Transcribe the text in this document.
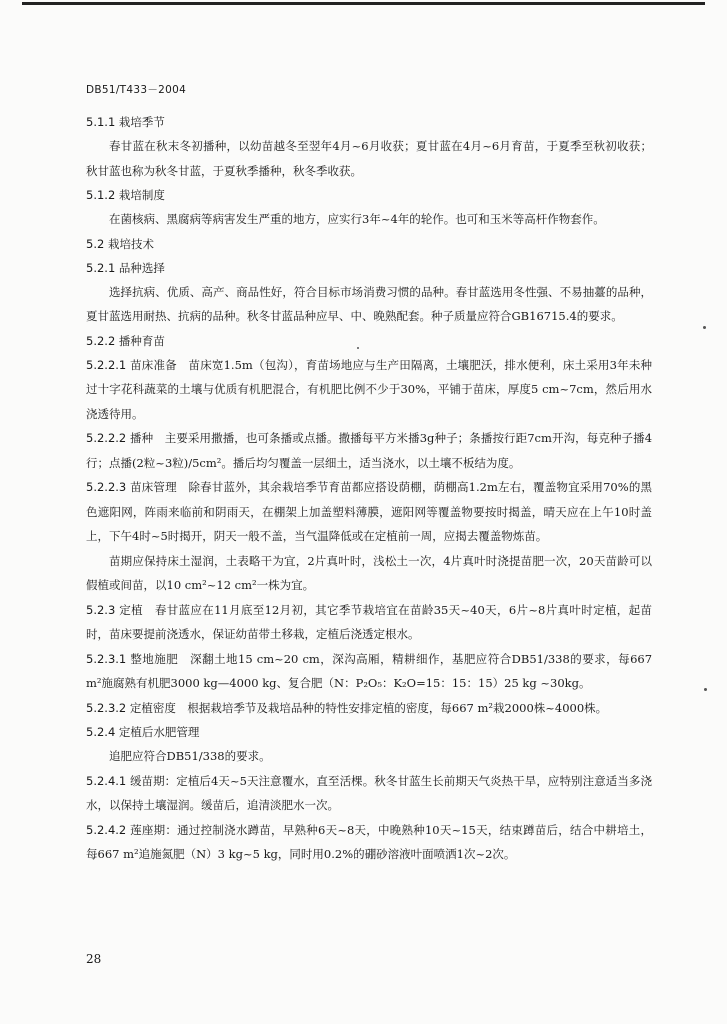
DB51/T433－2004
5.1.1 栽培季节

春甘蓝在秋末冬初播种，以幼苗越冬至翌年4月~6月收获；夏甘蓝在4月~6月育苗，于夏季至秋初收获；秋甘蓝也称为秋冬甘蓝，于夏秋季播种，秋冬季收获。

5.1.2 栽培制度

在菌核病、黑腐病等病害发生严重的地方，应实行3年~4年的轮作。也可和玉米等高杆作物套作。

5.2 栽培技术
5.2.1 品种选择

选择抗病、优质、高产、商品性好，符合目标市场消费习惯的品种。春甘蓝选用冬性强、不易抽薹的品种，夏甘蓝选用耐热、抗病的品种。秋冬甘蓝品种应早、中、晚熟配套。种子质量应符合GB16715.4的要求。

5.2.2 播种育苗

5.2.2.1 苗床准备　 苗床宽1.5m（包沟），育苗场地应与生产田隔离，土壤肥沃，排水便利，床土采用3年未种过十字花科蔬菜的土壤与优质有机肥混合，有机肥比例不少于30%，平铺于苗床，厚度5 cm~7cm，然后用水浇透待用。

5.2.2.2 播种　 主要采用撒播，也可条播或点播。撒播每平方米播3g种子；条播按行距7cm开沟，每克种子播4行；点播(2粒~3粒)/5cm²。播后均匀覆盖一层细土，适当浇水，以土壤不板结为度。

5.2.2.3 苗床管理　 除春甘蓝外，其余栽培季节育苗都应搭设荫棚，荫棚高1.2m左右，覆盖物宜采用70%的黑色遮阳网，阵雨来临前和阴雨天，在棚架上加盖塑料薄膜，遮阳网等覆盖物要按时揭盖，晴天应在上午10时盖上，下午4时~5时揭开，阴天一般不盖，当气温降低或在定植前一周，应揭去覆盖物炼苗。

苗期应保持床土湿润，土表略干为宜，2片真叶时，浅松土一次，4片真叶时浇提苗肥一次，20天苗龄可以假植或间苗，以10 cm²~12 cm²一株为宜。

5.2.3 定植　 春甘蓝应在11月底至12月初，其它季节栽培宜在苗龄35天~40天，6片~8片真叶时定植，起苗时，苗床要提前浇透水，保证幼苗带土移栽，定植后浇透定根水。

5.2.3.1 整地施肥　 深翻土地15 cm~20 cm，深沟高厢，精耕细作，基肥应符合DB51/338的要求，每667 m²施腐熟有机肥3000 kg—4000 kg、复合肥（N：P₂O₅：K₂O=15：15：15）25 kg ~30kg。

5.2.3.2 定植密度　 根据栽培季节及栽培品种的特性安排定植的密度，每667 m²栽2000株~4000株。

5.2.4 定植后水肥管理

追肥应符合DB51/338的要求。

5.2.4.1 缓苗期：定植后4天~5天注意覆水，直至活棵。秋冬甘蓝生长前期天气炎热干旱，应特别注意适当多浇水，以保持土壤湿润。缓苗后，追清淡肥水一次。

5.2.4.2 莲座期：通过控制浇水蹲苗，早熟种6天~8天，中晚熟种10天~15天，结束蹲苗后，结合中耕培土，每667 m²追施氮肥（N）3 kg~5 kg，同时用0.2%的硼砂溶液叶面喷洒1次~2次。

28
